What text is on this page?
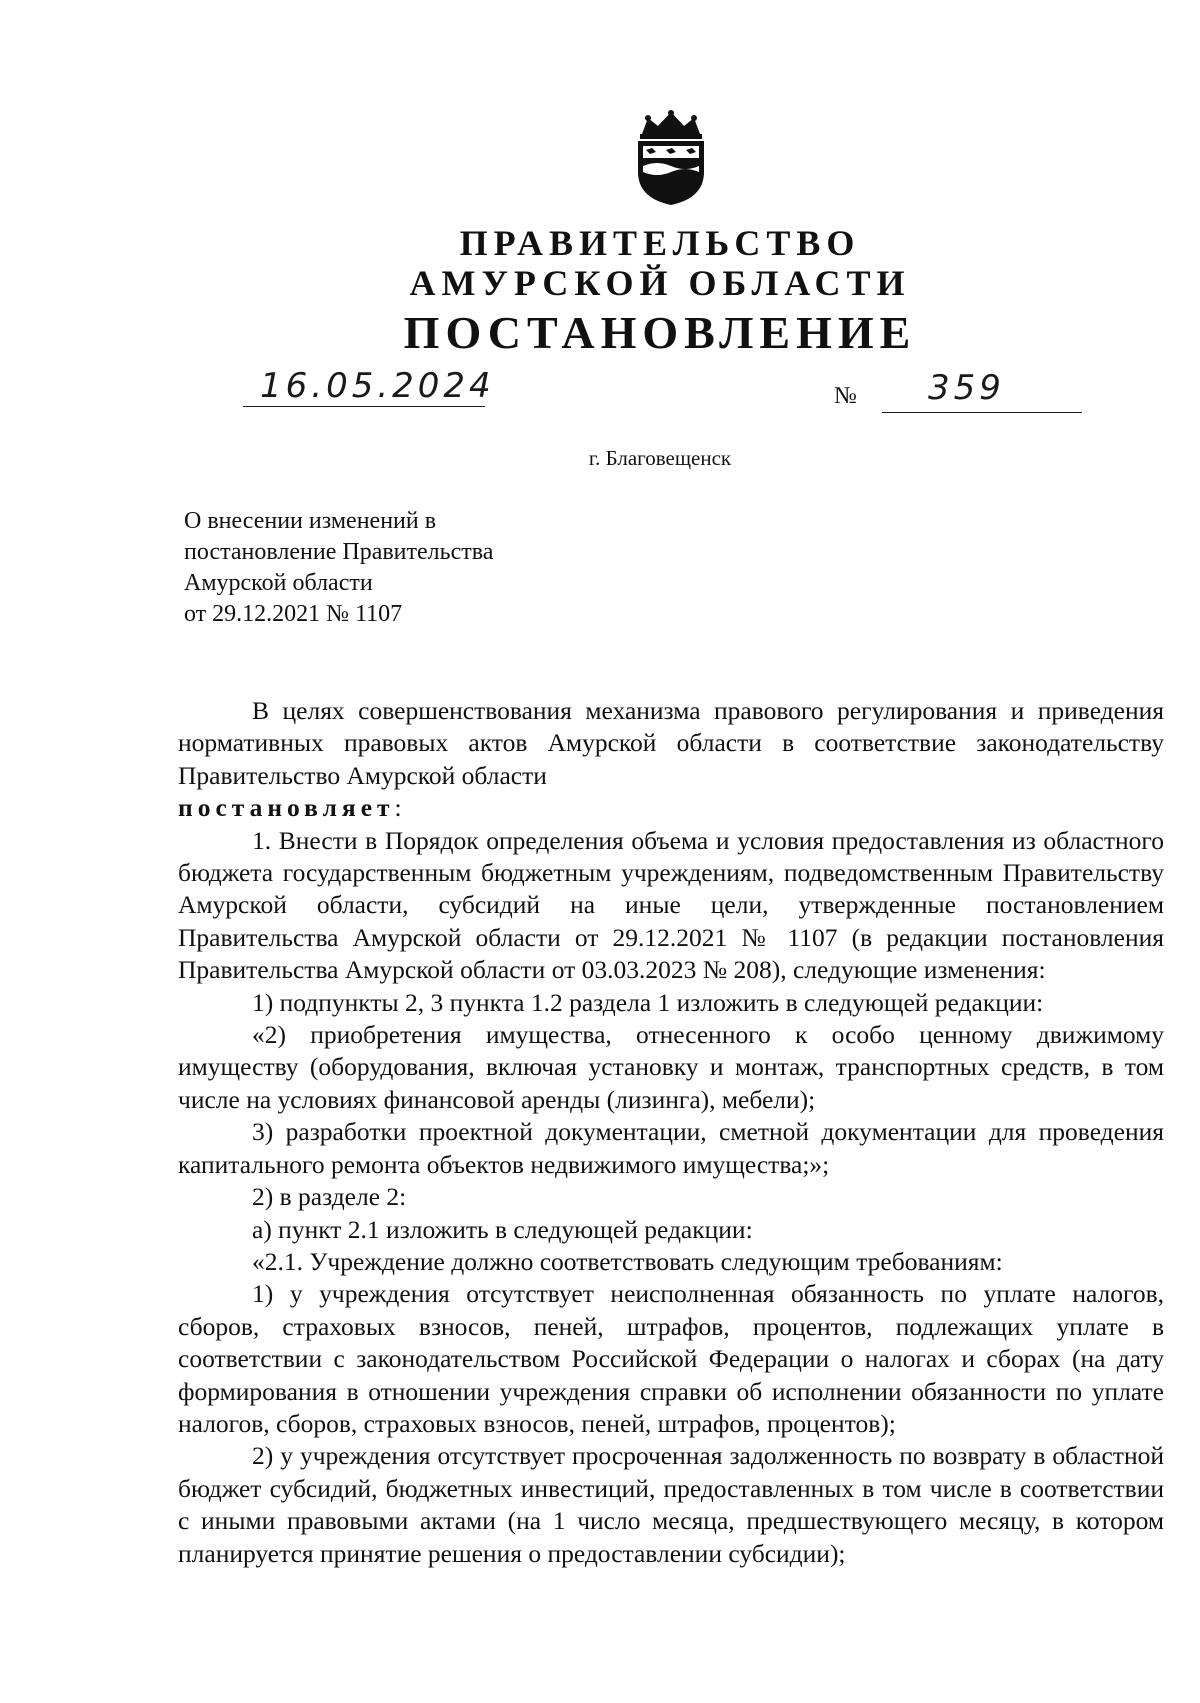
ПРАВИТЕЛЬСТВО
АМУРСКОЙ ОБЛАСТИ
ПОСТАНОВЛЕНИЕ
16.05.2024	№ 359
г. Благовещенск
О внесении изменений в
постановление Правительства
Амурской области
от 29.12.2021 № 1107

В целях совершенствования механизма правового регулирования и приведения нормативных правовых актов Амурской области в соответствие законодательству Правительство Амурской области

постановляет:

1. Внести в Порядок определения объема и условия предоставления из областного бюджета государственным бюджетным учреждениям, подведомственным Правительству Амурской области, субсидий на иные цели, утвержденные постановлением Правительства Амурской области от 29.12.2021 № 1107 (в редакции постановления Правительства Амурской области от 03.03.2023 № 208), следующие изменения:

1) подпункты 2, 3 пункта 1.2 раздела 1 изложить в следующей редакции:

«2) приобретения имущества, отнесенного к особо ценному движимому имуществу (оборудования, включая установку и монтаж, транспортных средств, в том числе на условиях финансовой аренды (лизинга), мебели);

3) разработки проектной документации, сметной документации для проведения капитального ремонта объектов недвижимого имущества;»;

2) в разделе 2:

а) пункт 2.1 изложить в следующей редакции:

«2.1. Учреждение должно соответствовать следующим требованиям:

1) у учреждения отсутствует неисполненная обязанность по уплате налогов, сборов, страховых взносов, пеней, штрафов, процентов, подлежащих уплате в соответствии с законодательством Российской Федерации о налогах и сборах (на дату формирования в отношении учреждения справки об исполнении обязанности по уплате налогов, сборов, страховых взносов, пеней, штрафов, процентов);

2) у учреждения отсутствует просроченная задолженность по возврату в областной бюджет субсидий, бюджетных инвестиций, предоставленных в том числе в соответствии с иными правовыми актами (на 1 число месяца, предшествующего месяцу, в котором планируется принятие решения о предоставлении субсидии);
